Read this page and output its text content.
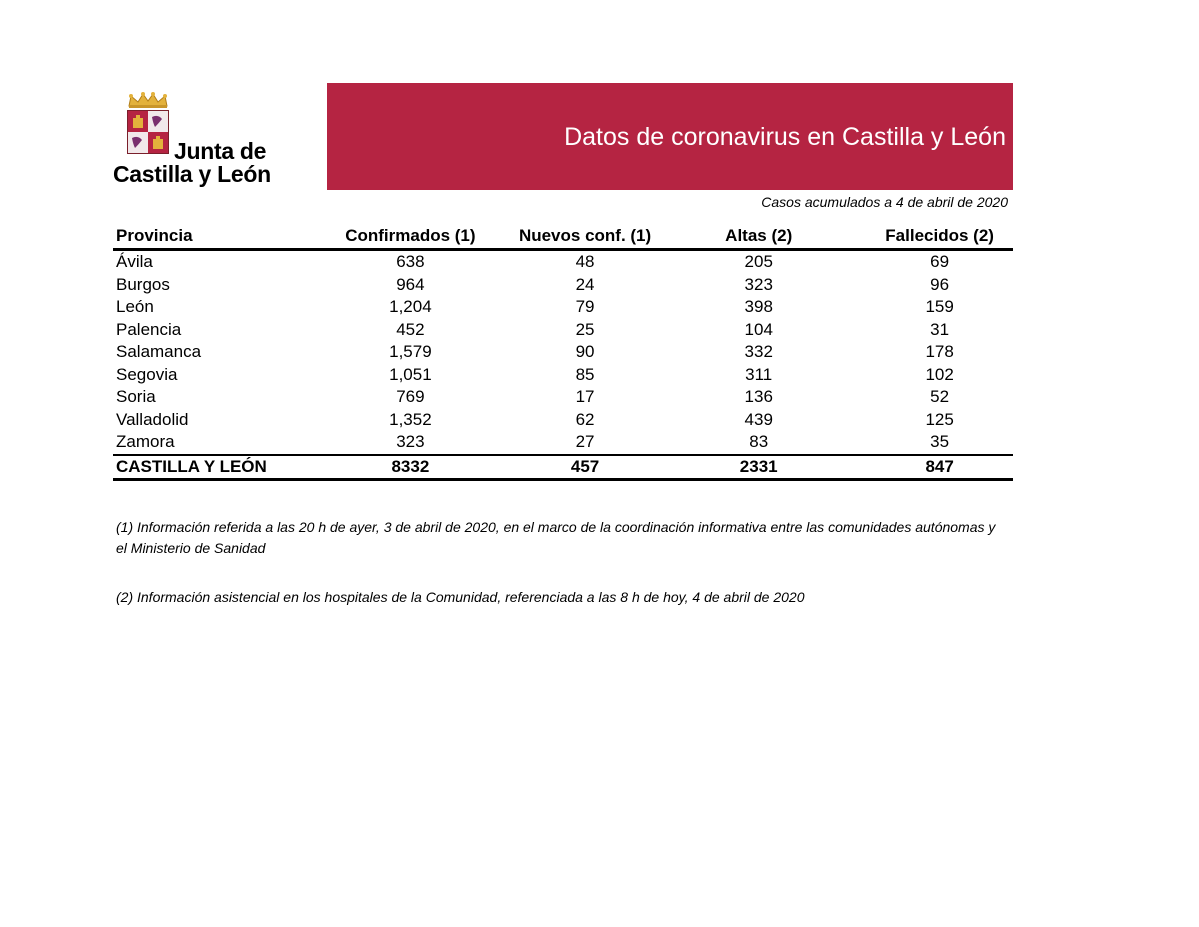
Junta de
Castilla y León
Datos de coronavirus en Castilla y León
Casos acumulados a 4 de abril de 2020
Provincia	Confirmados (1)	Nuevos conf. (1)	Altas (2)	Fallecidos (2)
Ávila	638	48	205	69
Burgos	964	24	323	96
León	1,204	79	398	159
Palencia	452	25	104	31
Salamanca	1,579	90	332	178
Segovia	1,051	85	311	102
Soria	769	17	136	52
Valladolid	1,352	62	439	125
Zamora	323	27	83	35
CASTILLA Y LEÓN	8332	457	2331	847
(1) Información referida a las 20 h de ayer, 3 de abril de 2020, en el marco de la coordinación informativa entre las comunidades autónomas y el Ministerio de Sanidad
(2) Información asistencial en los hospitales de la Comunidad, referenciada a las 8 h de hoy, 4 de abril de 2020
